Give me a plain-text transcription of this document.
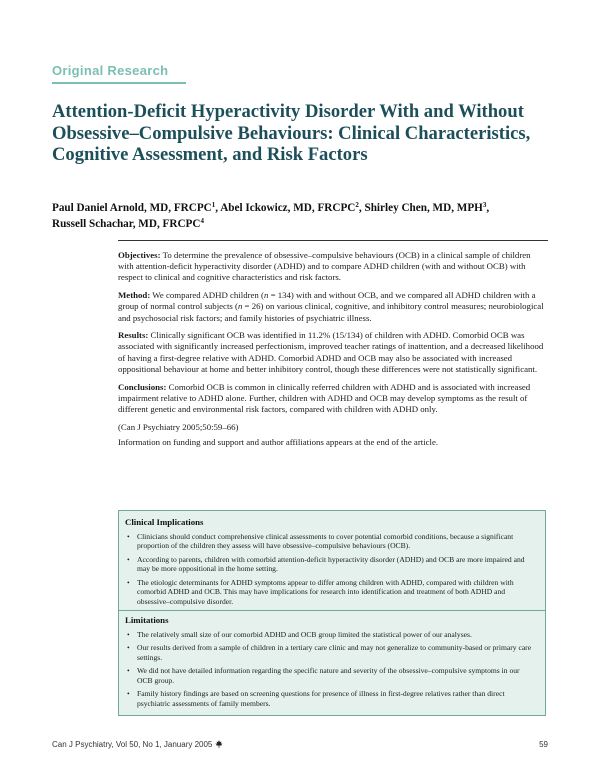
Original Research
Attention-Deficit Hyperactivity Disorder With and Without Obsessive–Compulsive Behaviours: Clinical Characteristics, Cognitive Assessment, and Risk Factors
Paul Daniel Arnold, MD, FRCPC$^1$, Abel Ickowicz, MD, FRCPC$^2$, Shirley Chen, MD, MPH$^3$,
Russell Schachar, MD, FRCPC$^4$

Objectives: To determine the prevalence of obsessive–compulsive behaviours (OCB) in a clinical sample of children with attention-deficit hyperactivity disorder (ADHD) and to compare ADHD children (with and without OCB) with respect to clinical and cognitive characteristics and risk factors.

Method: We compared ADHD children (n = 134) with and without OCB, and we compared all ADHD children with a group of normal control subjects (n = 26) on various clinical, cognitive, and inhibitory control measures; neurobiological and psychosocial risk factors; and family histories of psychiatric illness.

Results: Clinically significant OCB was identified in 11.2% (15/134) of children with ADHD. Comorbid OCB was associated with significantly increased perfectionism, improved teacher ratings of inattention, and a decreased likelihood of having a first-degree relative with ADHD. Comorbid ADHD and OCB may also be associated with increased oppositional behaviour at home and better inhibitory control, though these differences were not statistically significant.

Conclusions: Comorbid OCB is common in clinically referred children with ADHD and is associated with increased impairment relative to ADHD alone. Further, children with ADHD and OCB may develop symptoms as the result of different genetic and environmental risk factors, compared with children with ADHD only.

(Can J Psychiatry 2005;50:59–66)

Information on funding and support and author affiliations appears at the end of the article.

Clinical Implications
• Clinicians should conduct comprehensive clinical assessments to cover potential comorbid conditions, because a significant proportion of the children they assess will have obsessive–compulsive behaviours (OCB).
• According to parents, children with comorbid attention-deficit hyperactivity disorder (ADHD) and OCB are more impaired and may be more oppositional in the home setting.
• The etiologic determinants for ADHD symptoms appear to differ among children with ADHD, compared with children with comorbid ADHD and OCB. This may have implications for research into identification and treatment of both ADHD and obsessive–compulsive disorder.
Limitations
• The relatively small size of our comorbid ADHD and OCB group limited the statistical power of our analyses.
• Our results derived from a sample of children in a tertiary care clinic and may not generalize to community-based or primary care settings.
• We did not have detailed information regarding the specific nature and severity of the obsessive–compulsive symptoms in our OCB group.
• Family history findings are based on screening questions for presence of illness in first-degree relatives rather than direct psychiatric assessments of family members.
Can J Psychiatry, Vol 50, No 1, January 2005	59
